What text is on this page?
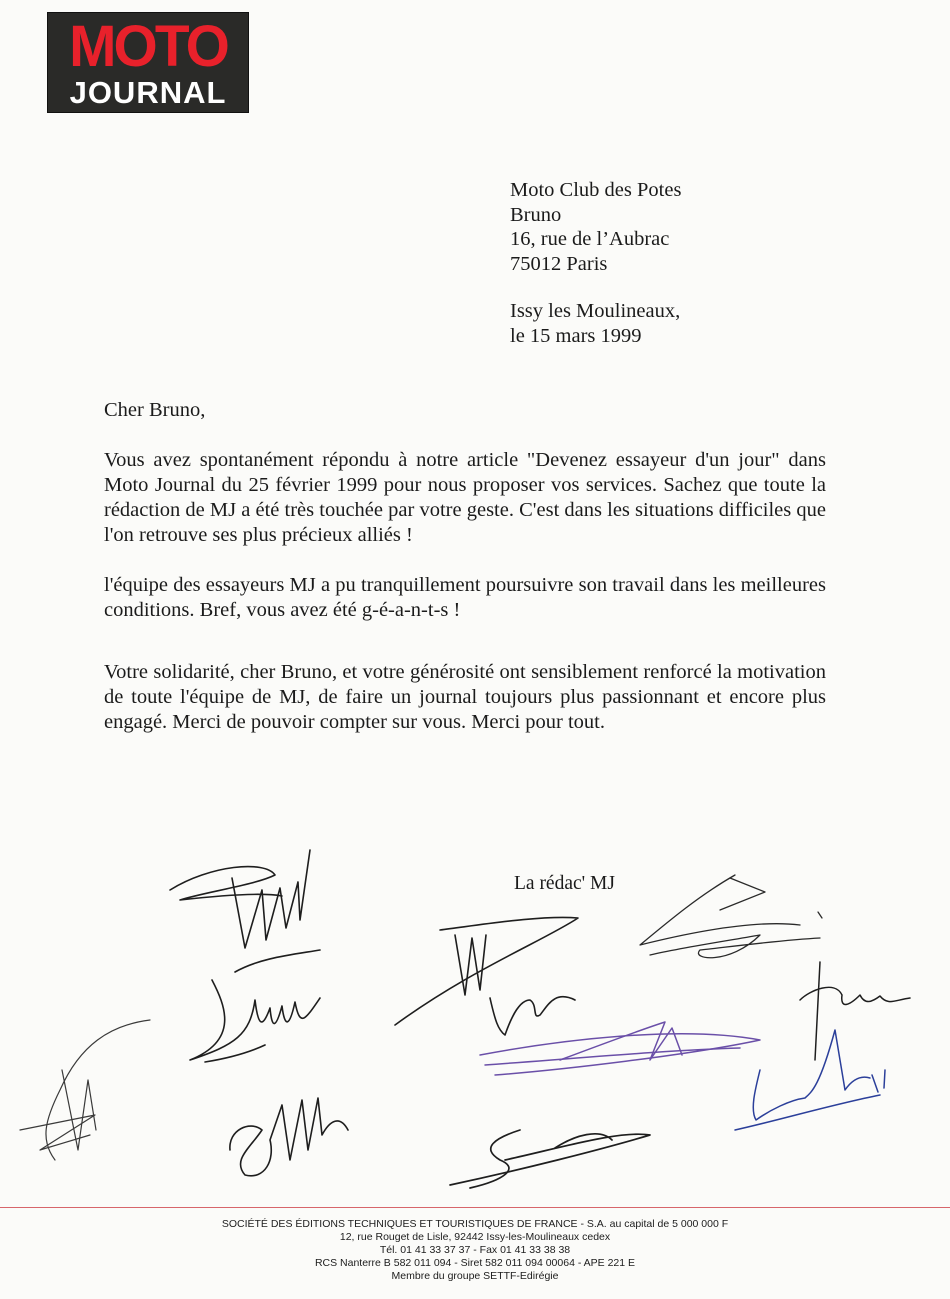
MOTO
JOURNAL
Moto Club des Potes
Bruno
16, rue de l’Aubrac
75012 Paris
Issy les Moulineaux,
le 15 mars 1999
Cher Bruno,

Vous avez spontanément répondu à notre article "Devenez essayeur d'un jour" dans Moto Journal du 25 février 1999 pour nous proposer vos services. Sachez que toute la rédaction de MJ a été très touchée par votre geste. C'est dans les situations difficiles que l'on retrouve ses plus précieux alliés !

l'équipe des essayeurs MJ a pu tranquillement poursuivre son travail dans les meilleures conditions. Bref, vous avez été g-é-a-n-t-s !

Votre solidarité, cher Bruno, et votre générosité ont sensiblement renforcé la motivation de toute l'équipe de MJ, de faire un journal toujours plus passionnant et encore plus engagé. Merci de pouvoir compter sur vous. Merci pour tout.

La rédac' MJ
SOCIÉTÉ DES ÉDITIONS TECHNIQUES ET TOURISTIQUES DE FRANCE - S.A. au capital de 5 000 000 F
12, rue Rouget de Lisle, 92442 Issy-les-Moulineaux cedex
Tél. 01 41 33 37 37 - Fax 01 41 33 38 38
RCS Nanterre B 582 011 094 - Siret 582 011 094 00064 - APE 221 E
Membre du groupe SETTF-Edirégie
